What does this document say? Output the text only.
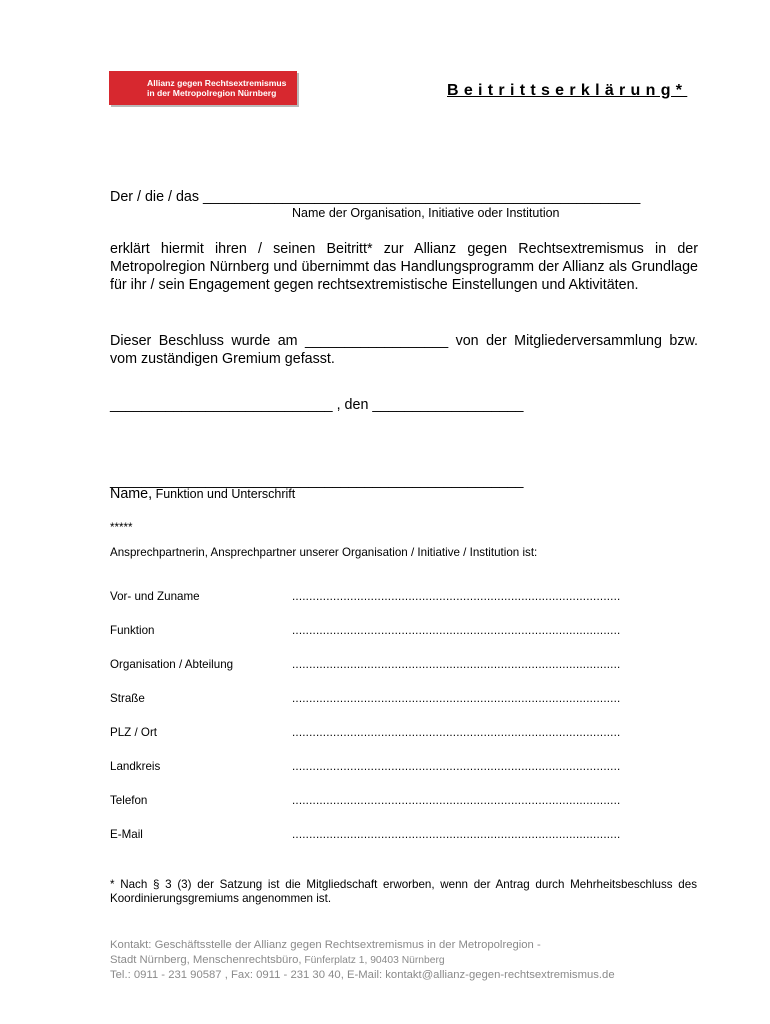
Allianz gegen Rechtsextremismus
in der Metropolregion Nürnberg	Beitrittserklärung*
Der / die / das _______________________________________________________
Name der Organisation, Initiative oder Institution
erklärt hiermit ihren / seinen Beitritt* zur Allianz gegen Rechtsextremismus in der Metropolregion Nürnberg und übernimmt das Handlungsprogramm der Allianz als Grundlage für ihr / sein Engagement gegen rechtsextremistische Einstellungen und Aktivitäten.
Dieser Beschluss wurde am __________________ von der Mitgliederversammlung bzw. vom zuständigen Gremium gefasst.
____________________________ , den ___________________
____________________________________________________
Name, Funktion und Unterschrift
*****
Ansprechpartnerin, Ansprechpartner unserer Organisation / Initiative / Institution ist:
Vor- und Zuname	................................................................................................
Funktion	................................................................................................
Organisation / Abteilung	................................................................................................
Straße	................................................................................................
PLZ / Ort	................................................................................................
Landkreis	................................................................................................
Telefon	................................................................................................
E-Mail	................................................................................................
* Nach § 3 (3) der Satzung ist die Mitgliedschaft erworben, wenn der Antrag durch Mehrheitsbeschluss des Koordinierungsgremiums angenommen ist.
Kontakt: Geschäftsstelle der Allianz gegen Rechtsextremismus in der Metropolregion -
Stadt Nürnberg, Menschenrechtsbüro, Fünferplatz 1, 90403 Nürnberg
Tel.: 0911 - 231 90587 , Fax: 0911 - 231 30 40, E-Mail: kontakt@allianz-gegen-rechtsextremismus.de
